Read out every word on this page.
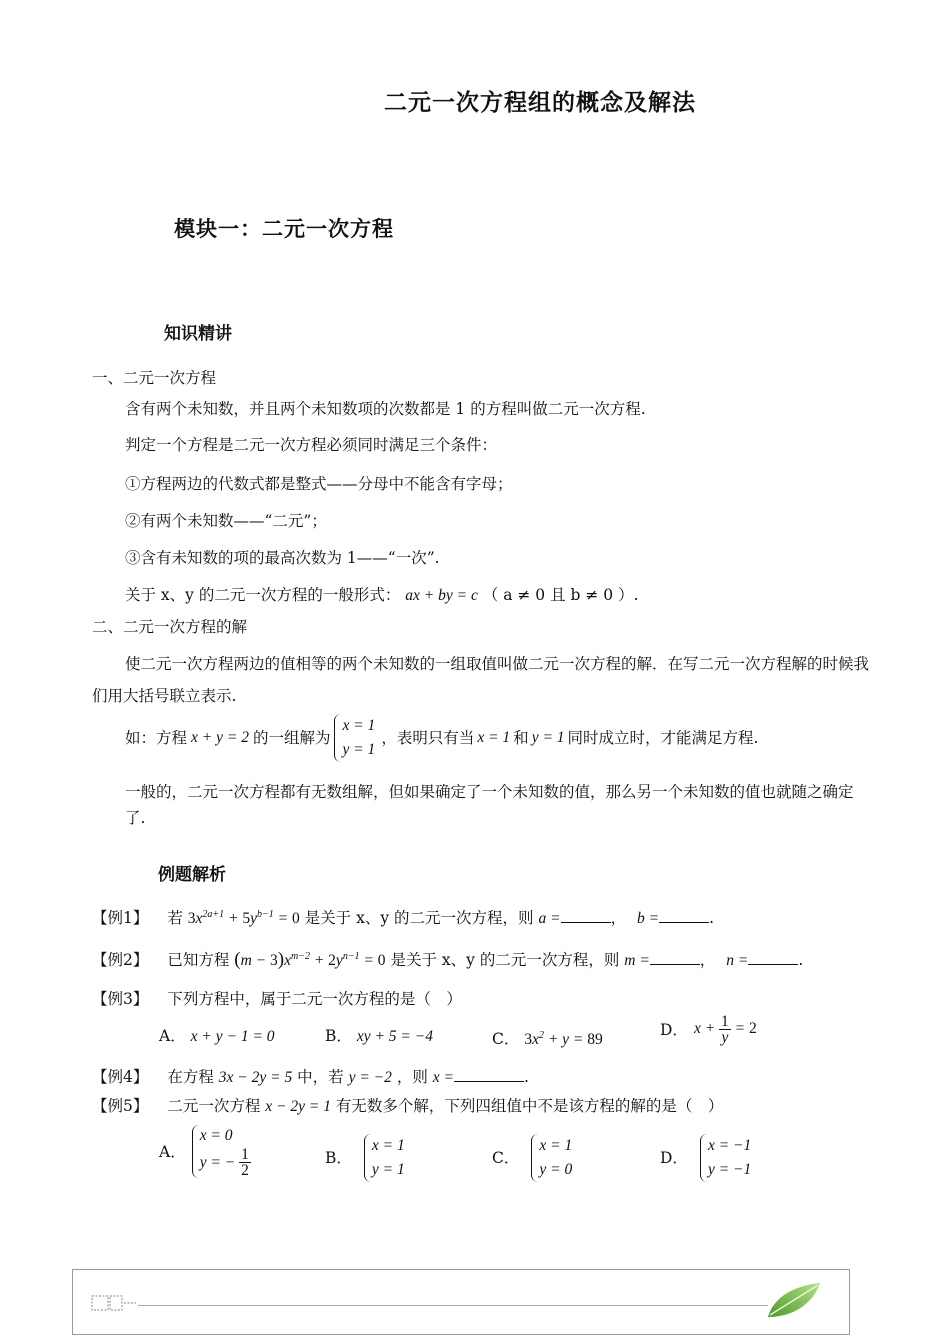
二元一次方程组的概念及解法
模块一：二元一次方程
知识精讲
一、二元一次方程
含有两个未知数，并且两个未知数项的次数都是 1 的方程叫做二元一次方程.
判定一个方程是二元一次方程必须同时满足三个条件：
①方程两边的代数式都是整式——分母中不能含有字母；
②有两个未知数——“二元”；
③含有未知数的项的最高次数为 1——“一次”.
关于 x、y 的二元一次方程的一般形式： ax + by = c （ a ≠ 0 且 b ≠ 0 ）.
二、二元一次方程的解
使二元一次方程两边的值相等的两个未知数的一组取值叫做二元一次方程的解．在写二元一次方程解的时候我们用大括号联立表示.
如：方程 x + y = 2 的一组解为
x = 1
y = 1
，表明只有当 x = 1 和 y = 1 同时成立时，才能满足方程.
一般的，二元一次方程都有无数组解，但如果确定了一个未知数的值，那么另一个未知数的值也就随之确定了.
例题解析
【例1】 若 $3x^{2a+1} + 5y^{b-1} = 0$ 是关于 x、y 的二元一次方程，则 a =	， b =	.
【例2】 已知方程 $(m - 3)x^{m-2} + 2y^{n-1} = 0$ 是关于 x、y 的二元一次方程，则 m =	， n =	.
【例3】 下列方程中，属于二元一次方程的是（　）
A． x + y − 1 = 0	B． xy + 5 = −4	C． $3x^2 + y = 89$
D． $x + \frac{1}{y} = 2$
【例4】 在方程 3x − 2y = 5 中，若 y = −2 ，则 x =	.
【例5】 二元一次方程 x − 2y = 1 有无数多个解，下列四组值中不是该方程的解的是（　）
A．
x = 0
y = − $\frac{1}{2}$	B．
x = 1
y = 1
C．
x = 1
y = 0
D．
x = −1
y = −1
